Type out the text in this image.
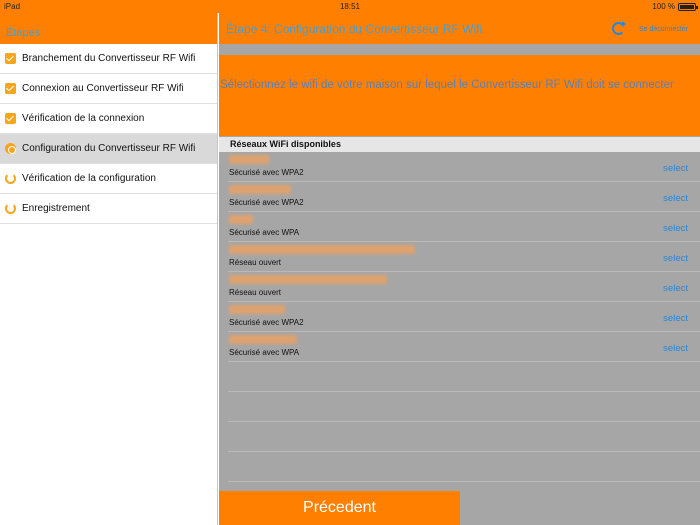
iPad	18:51	100 %
Étapes
Branchement du Convertisseur RF Wifi
Connexion au Convertisseur RF Wifi
Vérification de la connexion
Configuration du Convertisseur RF Wifi
Vérification de la configuration
Enregistrement
Étape 4: Configuration du Convertisseur RF Wifi	Se déconnecter

Sélectionnez le wifi de votre maison sur lequel le Convertisseur RF Wifi doit se connecter

Réseaux WiFi disponibles
Sécurisé avec WPA2	select
Sécurisé avec WPA2	select
Sécurisé avec WPA	select
Réseau ouvert	select
Réseau ouvert	select
Sécurisé avec WPA2	select
Sécurisé avec WPA	select
Précedent
